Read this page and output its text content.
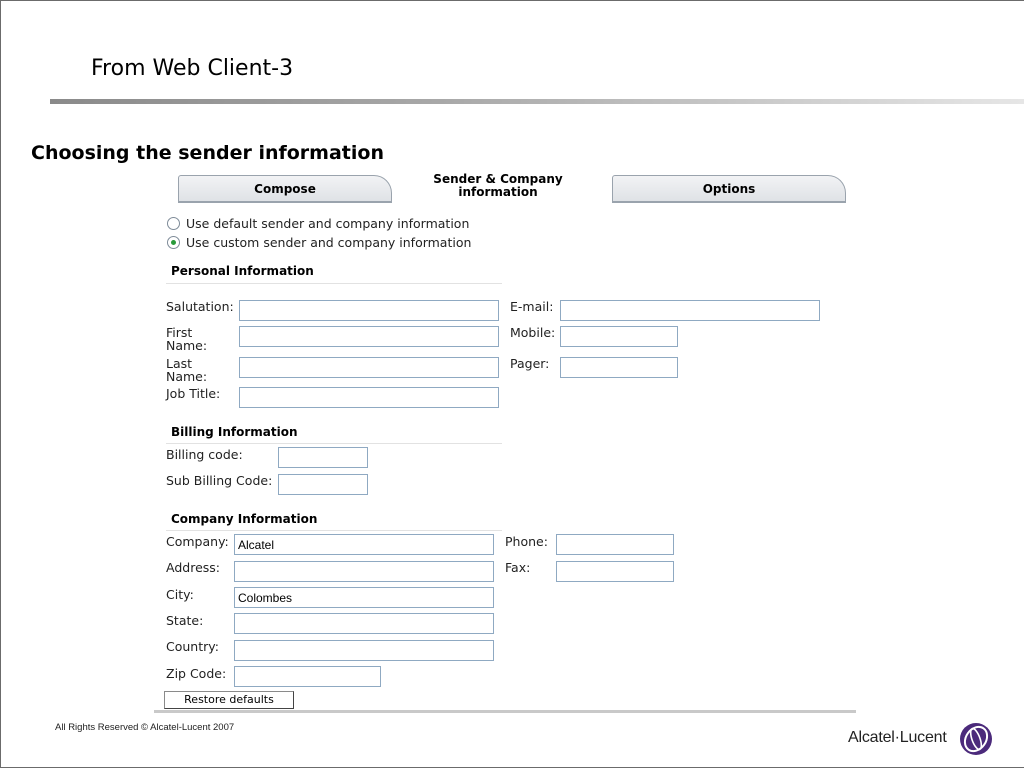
From Web Client-3
Choosing the sender information
Compose
Sender & Company
information	Options
Use default sender and company information
Use custom sender and company information
Personal Information
Salutation:
First
Name:
Last
Name:
Job Title:
E-mail:
Mobile:
Pager:
Billing Information
Billing code:
Sub Billing Code:
Company Information
Company: Alcatel
Address:
City:	Colombes
State:
Country:
Zip Code:
Phone:
Fax:
Restore defaults
All Rights Reserved © Alcatel-Lucent 2007
Alcatel·Lucent
